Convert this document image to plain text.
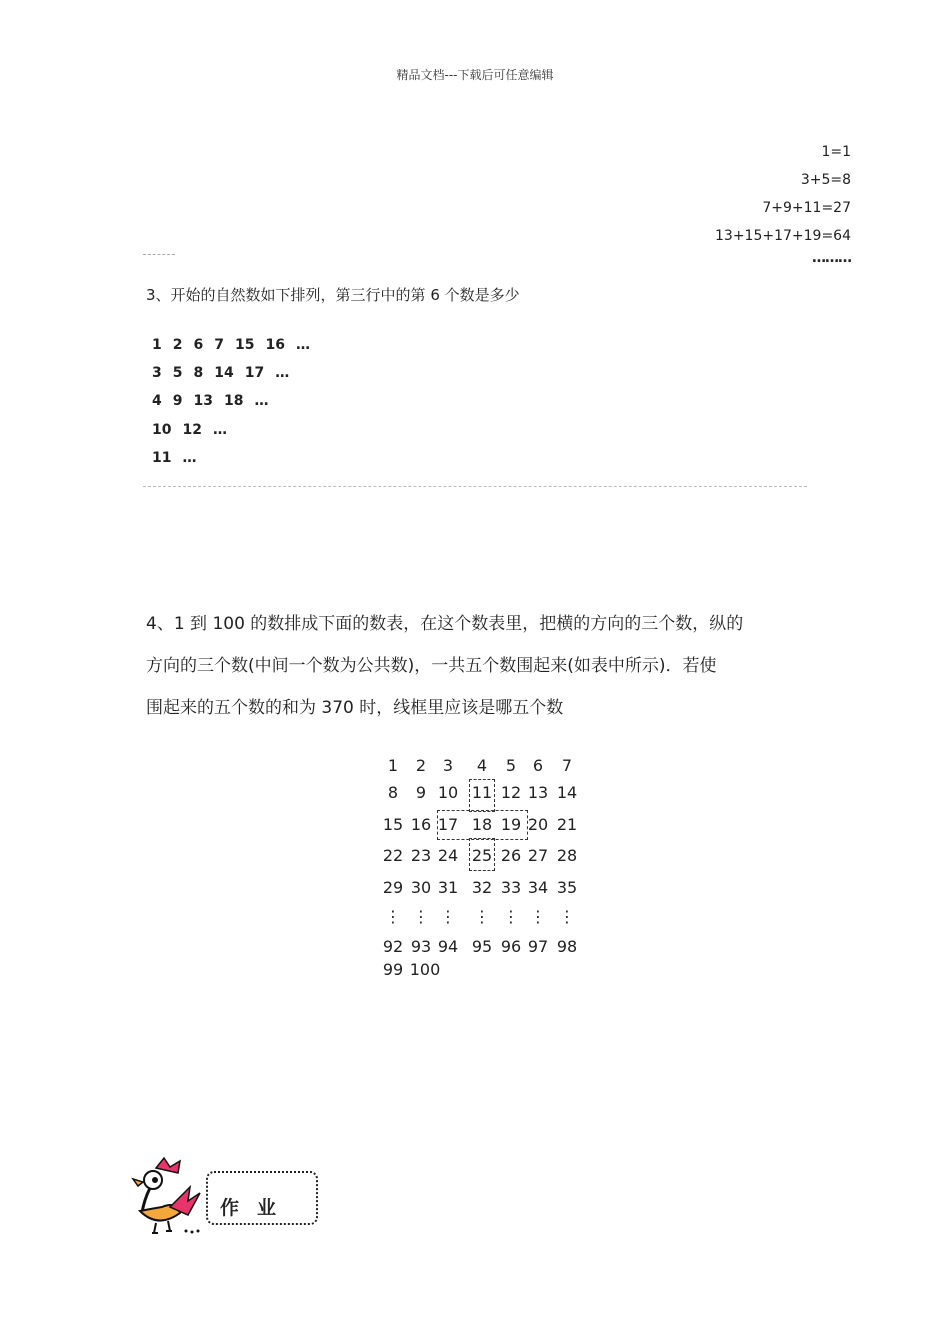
精品文档---下载后可任意编辑
1=1
3+5=8
7+9+11=27
13+15+17+19=64
………
3、开始的自然数如下排列，第三行中的第 6 个数是多少
1 2 6 7 15 16 …
3 5 8 14 17 …
4 9 13 18 …
10 12 …
11 …
4、1 到 100 的数排成下面的数表，在这个数表里，把横的方向的三个数，纵的
方向的三个数(中间一个数为公共数)，一共五个数围起来(如表中所示)．若使
围起来的五个数的和为 370 时，线框里应该是哪五个数
1	2	3	4	5	6	7
8	9 10 11 12 13 14
15 16 17 18 19 20 21
22 23 24 25 26 27 28
29 30 31 32 33 34 35
⋮ ⋮ ⋮	⋮ ⋮ ⋮ ⋮
92 93 94 95 96 97 98
99 100
作业
